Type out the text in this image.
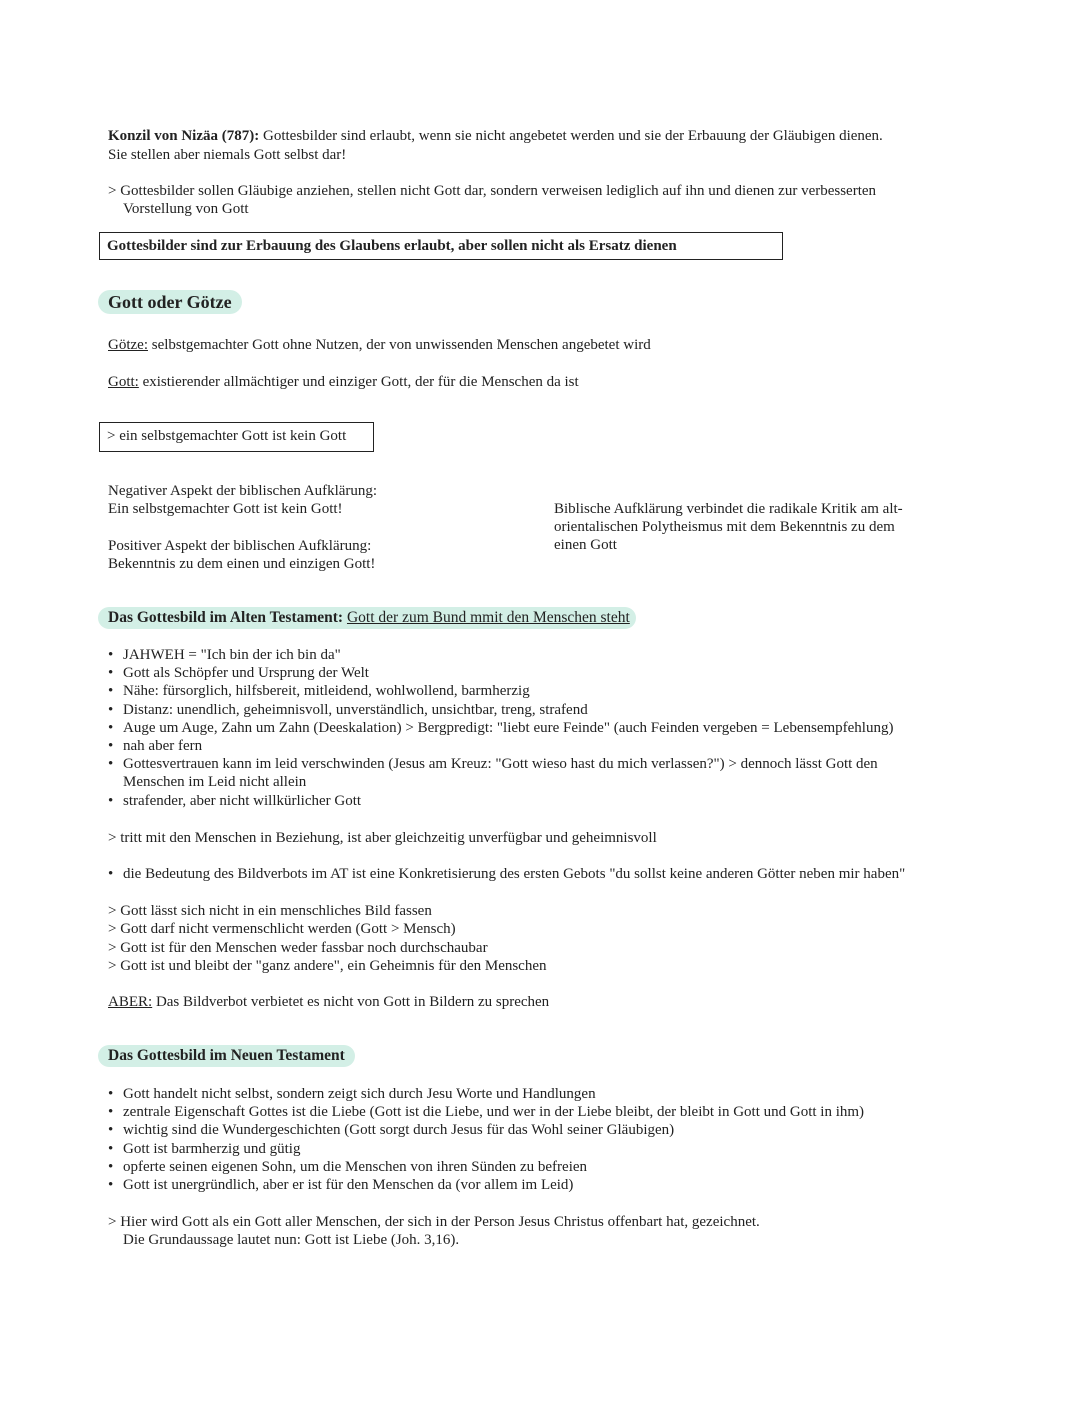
Konzil von Nizäa (787): Gottesbilder sind erlaubt, wenn sie nicht angebetet werden und sie der Erbauung der Gläubigen dienen.
Sie stellen aber niemals Gott selbst dar!
> Gottesbilder sollen Gläubige anziehen, stellen nicht Gott dar, sondern verweisen lediglich auf ihn und dienen zur verbesserten
Vorstellung von Gott
Gottesbilder sind zur Erbauung des Glaubens erlaubt, aber sollen nicht als Ersatz dienen
Gott oder Götze
Götze: selbstgemachter Gott ohne Nutzen, der von unwissenden Menschen angebetet wird
Gott: existierender allmächtiger und einziger Gott, der für die Menschen da ist
> ein selbstgemachter Gott ist kein Gott
Negativer Aspekt der biblischen Aufklärung:
Ein selbstgemachter Gott ist kein Gott!
Positiver Aspekt der biblischen Aufklärung:
Bekenntnis zu dem einen und einzigen Gott!
Biblische Aufklärung verbindet die radikale Kritik am alt-
orientalischen Polytheismus mit dem Bekenntnis zu dem
einen Gott
Das Gottesbild im Alten Testament: Gott der zum Bund mmit den Menschen steht
• JAHWEH = "Ich bin der ich bin da"
• Gott als Schöpfer und Ursprung der Welt
• Nähe: fürsorglich, hilfsbereit, mitleidend, wohlwollend, barmherzig
• Distanz: unendlich, geheimnisvoll, unverständlich, unsichtbar, treng, strafend
• Auge um Auge, Zahn um Zahn (Deeskalation) > Bergpredigt: "liebt eure Feinde" (auch Feinden vergeben = Lebensempfehlung)
• nah aber fern
• Gottesvertrauen kann im leid verschwinden (Jesus am Kreuz: "Gott wieso hast du mich verlassen?") > dennoch lässt Gott den
Menschen im Leid nicht allein
• strafender, aber nicht willkürlicher Gott
> tritt mit den Menschen in Beziehung, ist aber gleichzeitig unverfügbar und geheimnisvoll
• die Bedeutung des Bildverbots im AT ist eine Konkretisierung des ersten Gebots "du sollst keine anderen Götter neben mir haben"
> Gott lässt sich nicht in ein menschliches Bild fassen
> Gott darf nicht vermenschlicht werden (Gott > Mensch)
> Gott ist für den Menschen weder fassbar noch durchschaubar
> Gott ist und bleibt der "ganz andere", ein Geheimnis für den Menschen
ABER: Das Bildverbot verbietet es nicht von Gott in Bildern zu sprechen
Das Gottesbild im Neuen Testament
• Gott handelt nicht selbst, sondern zeigt sich durch Jesu Worte und Handlungen
• zentrale Eigenschaft Gottes ist die Liebe (Gott ist die Liebe, und wer in der Liebe bleibt, der bleibt in Gott und Gott in ihm)
• wichtig sind die Wundergeschichten (Gott sorgt durch Jesus für das Wohl seiner Gläubigen)
• Gott ist barmherzig und gütig
• opferte seinen eigenen Sohn, um die Menschen von ihren Sünden zu befreien
• Gott ist unergründlich, aber er ist für den Menschen da (vor allem im Leid)
> Hier wird Gott als ein Gott aller Menschen, der sich in der Person Jesus Christus offenbart hat, gezeichnet.
Die Grundaussage lautet nun: Gott ist Liebe (Joh. 3,16).
